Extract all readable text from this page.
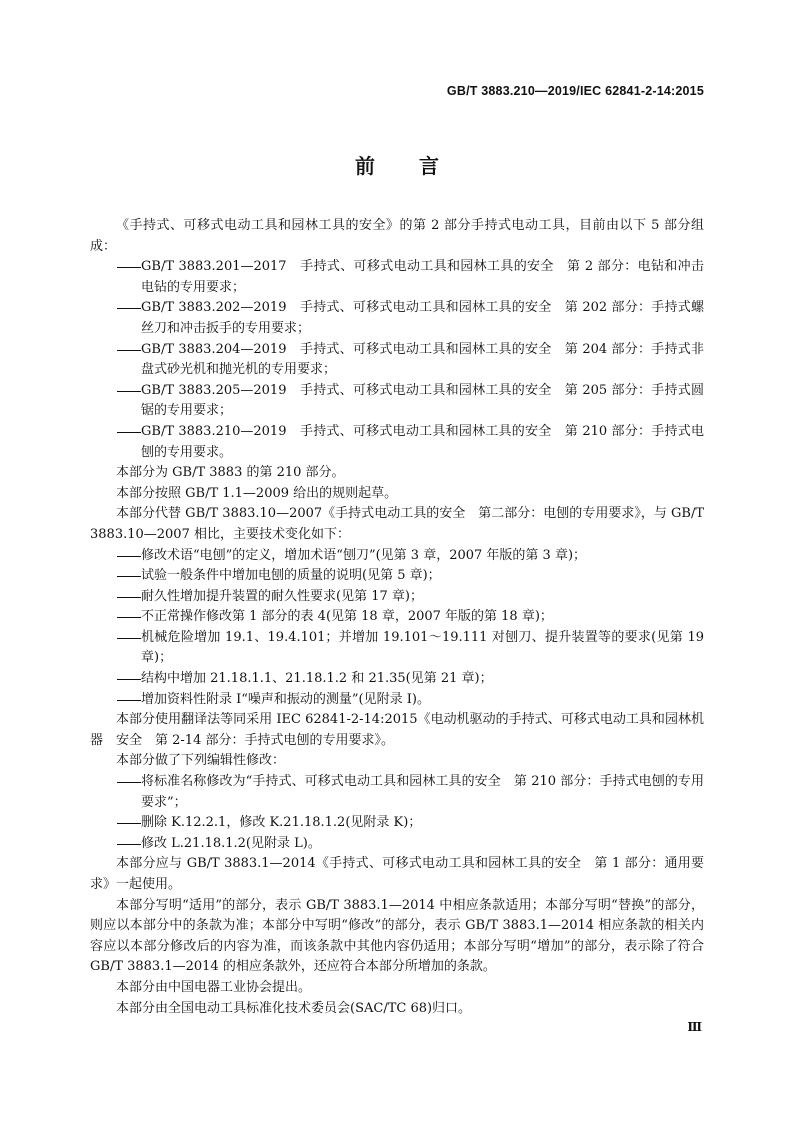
GB/T 3883.210—2019/IEC 62841-2-14:2015
前言

《手持式、可移式电动工具和园林工具的安全》的第 2 部分手持式电动工具，目前由以下 5 部分组成：

GB/T 3883.201—2017　手持式、可移式电动工具和园林工具的安全　第 2 部分：电钻和冲击电钻的专用要求；

GB/T 3883.202—2019　手持式、可移式电动工具和园林工具的安全　第 202 部分：手持式螺丝刀和冲击扳手的专用要求；

GB/T 3883.204—2019　手持式、可移式电动工具和园林工具的安全　第 204 部分：手持式非盘式砂光机和抛光机的专用要求；

GB/T 3883.205—2019　手持式、可移式电动工具和园林工具的安全　第 205 部分：手持式圆锯的专用要求；

GB/T 3883.210—2019　手持式、可移式电动工具和园林工具的安全　第 210 部分：手持式电刨的专用要求。

本部分为 GB/T 3883 的第 210 部分。

本部分按照 GB/T 1.1—2009 给出的规则起草。

本部分代替 GB/T 3883.10—2007《手持式电动工具的安全　第二部分：电刨的专用要求》，与 GB/T 3883.10—2007 相比，主要技术变化如下：

修改术语“电刨”的定义，增加术语“刨刀”(见第 3 章，2007 年版的第 3 章)；

试验一般条件中增加电刨的质量的说明(见第 5 章)；

耐久性增加提升装置的耐久性要求(见第 17 章)；

不正常操作修改第 1 部分的表 4(见第 18 章，2007 年版的第 18 章)；

机械危险增加 19.1、19.4.101；并增加 19.101～19.111 对刨刀、提升装置等的要求(见第 19 章)；

结构中增加 21.18.1.1、21.18.1.2 和 21.35(见第 21 章)；

增加资料性附录 I“噪声和振动的测量”(见附录 I)。

本部分使用翻译法等同采用 IEC 62841-2-14:2015《电动机驱动的手持式、可移式电动工具和园林机器　安全　第 2-14 部分：手持式电刨的专用要求》。

本部分做了下列编辑性修改：

将标准名称修改为“手持式、可移式电动工具和园林工具的安全　第 210 部分：手持式电刨的专用要求”；

删除 K.12.2.1，修改 K.21.18.1.2(见附录 K)；

修改 L.21.18.1.2(见附录 L)。

本部分应与 GB/T 3883.1—2014《手持式、可移式电动工具和园林工具的安全　第 1 部分：通用要求》一起使用。

本部分写明“适用”的部分，表示 GB/T 3883.1—2014 中相应条款适用；本部分写明“替换”的部分，则应以本部分中的条款为准；本部分中写明“修改”的部分，表示 GB/T 3883.1—2014 相应条款的相关内容应以本部分修改后的内容为准，而该条款中其他内容仍适用；本部分写明“增加”的部分，表示除了符合 GB/T 3883.1—2014 的相应条款外，还应符合本部分所增加的条款。

本部分由中国电器工业协会提出。

本部分由全国电动工具标准化技术委员会(SAC/TC 68)归口。

Ⅲ
